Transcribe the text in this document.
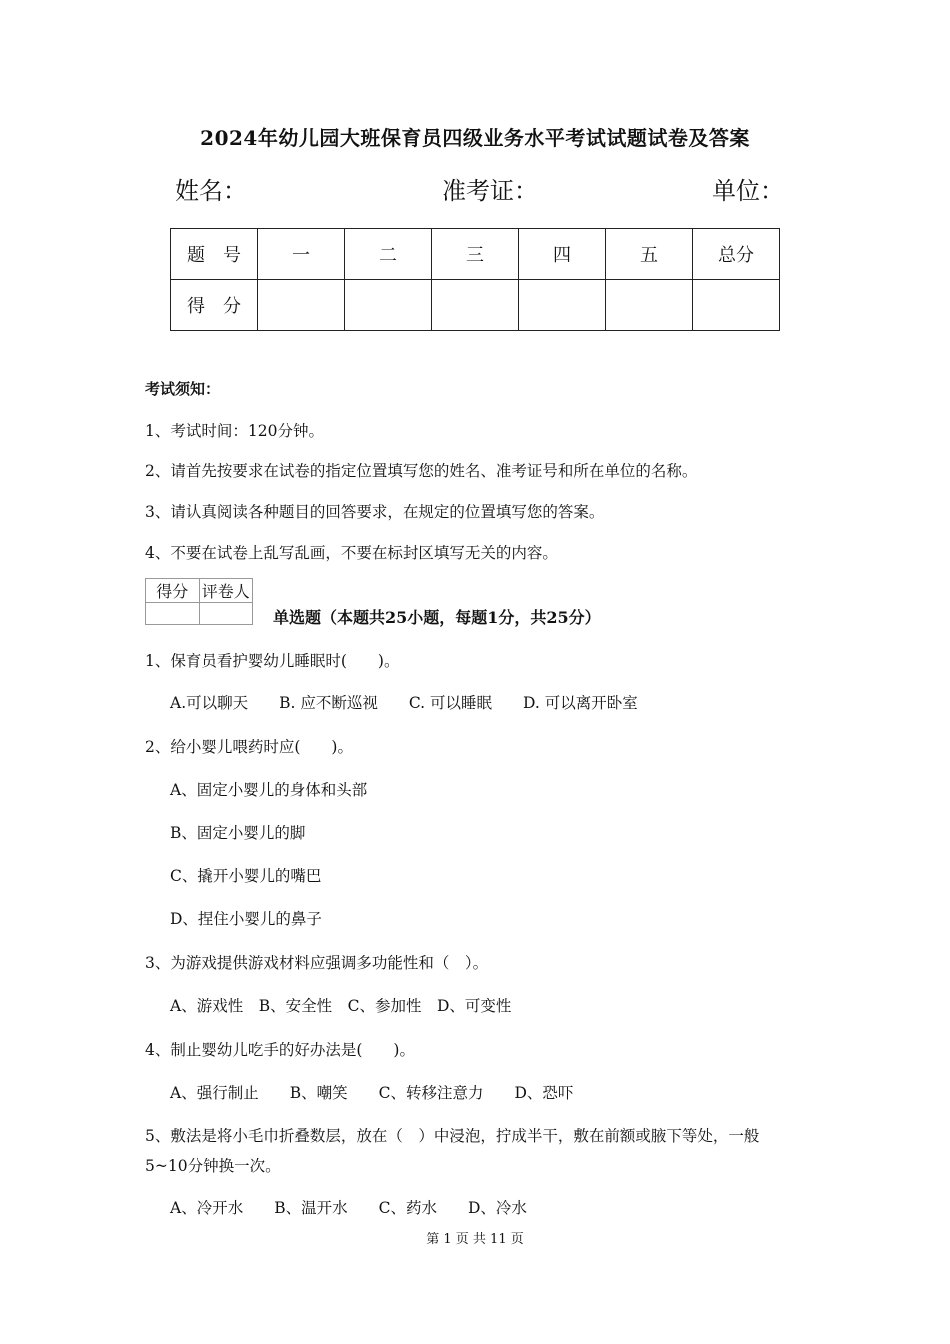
2024年幼儿园大班保育员四级业务水平考试试题试卷及答案
姓名：	准考证：	单位：
题　号	一	二	三	四	五	总分
得　分						
考试须知：
1、考试时间：120分钟。
2、请首先按要求在试卷的指定位置填写您的姓名、准考证号和所在单位的名称。
3、请认真阅读各种题目的回答要求，在规定的位置填写您的答案。
4、不要在试卷上乱写乱画，不要在标封区填写无关的内容。
得分	评卷人

单选题（本题共25小题，每题1分，共25分）
1、保育员看护婴幼儿睡眠时(　　)。
A.可以聊天　　B. 应不断巡视　　C. 可以睡眠　　D. 可以离开卧室
2、给小婴儿喂药时应(　　)。
A、固定小婴儿的身体和头部
B、固定小婴儿的脚
C、撬开小婴儿的嘴巴
D、捏住小婴儿的鼻子
3、为游戏提供游戏材料应强调多功能性和（　）。
A、游戏性　B、安全性　C、参加性　D、可变性
4、制止婴幼儿吃手的好办法是(　　)。
A、强行制止　　B、嘲笑　　C、转移注意力　　D、恐吓
5、敷法是将小毛巾折叠数层，放在（　）中浸泡，拧成半干，敷在前额或腋下等处，一般
5~10分钟换一次。
A、冷开水　　B、温开水　　C、药水　　D、冷水
第 1 页 共 11 页
